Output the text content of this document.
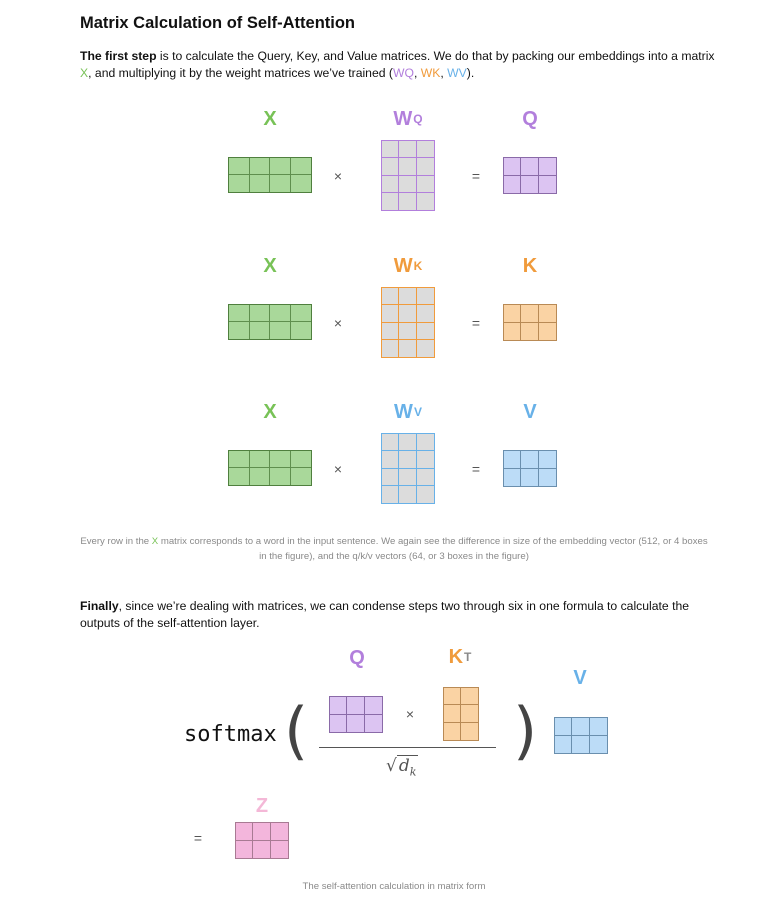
Matrix Calculation of Self-Attention
The first step is to calculate the Query, Key, and Value matrices. We do that by packing our embeddings into a matrix X, and multiplying it by the weight matrices we’ve trained (WQ, WK, WV).
X	$W^Q$	Q
×	=
X	$W^K$	K
×	=
X	$W^V$	V
×	=
Every row in the X matrix corresponds to a word in the input sentence. We again see the difference in size of the embedding vector (512, or 4 boxes in the figure), and the q/k/v vectors (64, or 3 boxes in the figure)
Finally, since we’re dealing with matrices, we can condense steps two through six in one formula to calculate the outputs of the self-attention layer.
Q	$K^T$
V
softmax (	)
×
√ $d_k$
=
Z
The self-attention calculation in matrix form
